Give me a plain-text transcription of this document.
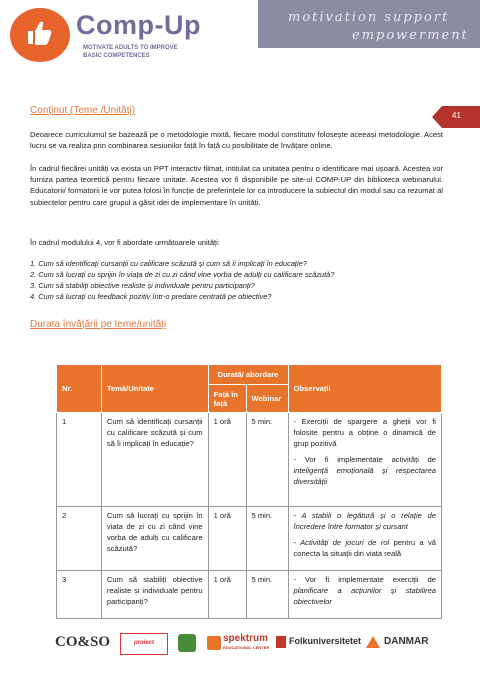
Comp-Up
MOTIVATE ADULTS TO IMPROVE
BASIC COMPETENCES
motivation support
empowerment
41
Conținut (Teme /Unități)
Deoarece curriculumul se bazează pe o metodologie mixtă, fiecare modul constitutiv folosește aceeași metodologie. Acest lucru se va realiza prin combinarea sesiunilor față în față cu posibilitate de învățare online.
În cadrul fiecărei unități va exista un PPT interactiv filmat, intitulat ca unitatea pentru o identificare mai ușoară. Acestea vor furniza partea teoretică pentru fiecare unitate. Acestea vor fi disponibile pe site-ul COMP-UP din biblioteca webinarului. Educatorii/ formatorii le vor putea folosi în funcție de preferințele lor ca introducere la subiectul din modul sau ca rezumat al subiectelor pentru care grupul a găsit idei de implementare în unități.
În cadrul modulului 4, vor fi abordate următoarele unități:
1. Cum să identificați cursanții cu calificare scăzută și cum să îi implicați în educație?
2. Cum să lucrați cu sprijin în viața de zi cu zi când vine vorba de adulți cu calificare scăzută?
3. Cum să stabiliți obiective realiste și individuale pentru participanți?
4. Cum să lucrați cu feedback pozitiv într-o predare centrată pe obiective?
Durata învățării pe teme/unități
Nr.	Temă/Unitate	Durată/ abordare		Observații
		Față în față	Webinar	
1	Cum să identificați cursanții cu calificare scăzută și cum să îi implicați în educație?	1 oră	5 min.	- Exerciții de spargere a gheții vor fi folosite pentru a obține o dinamică de grup pozitivă

- Vor fi implementate activități de inteligență emoțională și respectarea diversității

2	Cum să lucrați cu sprijin în viața de zi cu zi când vine vorba de adulți cu calificare scăzută?	1 oră	5 min.	- A stabili o legătură și o relație de încredere între formator și cursant

- Activități de jocuri de rol pentru a vă conecta la situații din viața reală

3	Cum să stabiliți obiective realiste și individuale pentru participanți?	1 oră	5 min.	- Vor fi implementate exerciții de planificare a acțiunilor și stabilirea obiectivelor

CO&SO	proiect	spektrum
EDUCATIONAL CENTER
Folkuniversitetet DANMAR
